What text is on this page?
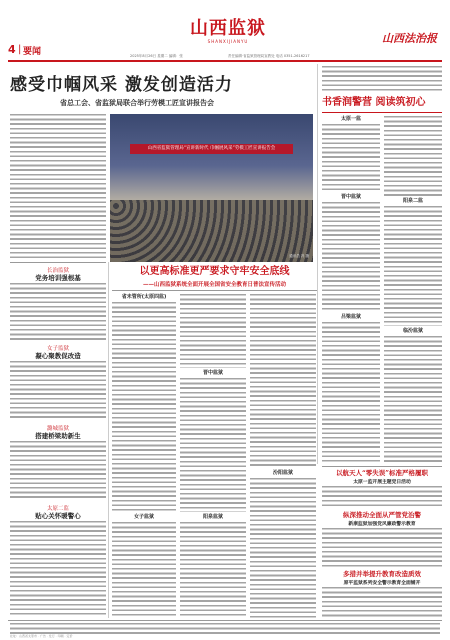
山西监狱
SHANXIJIANYU	山西法治报
4 | 要闻	2025年8月26日 星期二 编辑：张	责任编辑·省监狱管理局宣教处 电话 0351-2616217
感受巾帼风采 激发创造活力
省总工会、省监狱局联合举行劳模工匠宣讲报告会
山西省监狱管理局“宣讲新时代 巾帼展风采”劳模工匠宣讲报告会
通讯员 冯 摄
书香润警营 阅读筑初心
太原一监
晋中监狱
吕梁监狱
阳泉二监
临汾监狱
长治监狱
党务培训强根基
女子监狱
凝心聚教促改造
潞城监狱
搭建桥梁助新生
太原二监
贴心关怀暖警心
以更高标准更严要求守牢安全底线
——山西监狱系统全面开展全国省安全教育日普法宣传活动
省未管所(太原四监)
女子监狱
晋中监狱
阳泉监狱
汾阳监狱	以航天人“零失误”标准严格履职
太原一监开展主题党日活动
纵深推动全面从严管党治警
新康监狱加强党风廉政警示教育
多措并举提升教育改造质效
原平监狱系列安全警示教育全面铺开
社址：山西省太原市 · 广告 · 发行 · 印刷 · 定价
